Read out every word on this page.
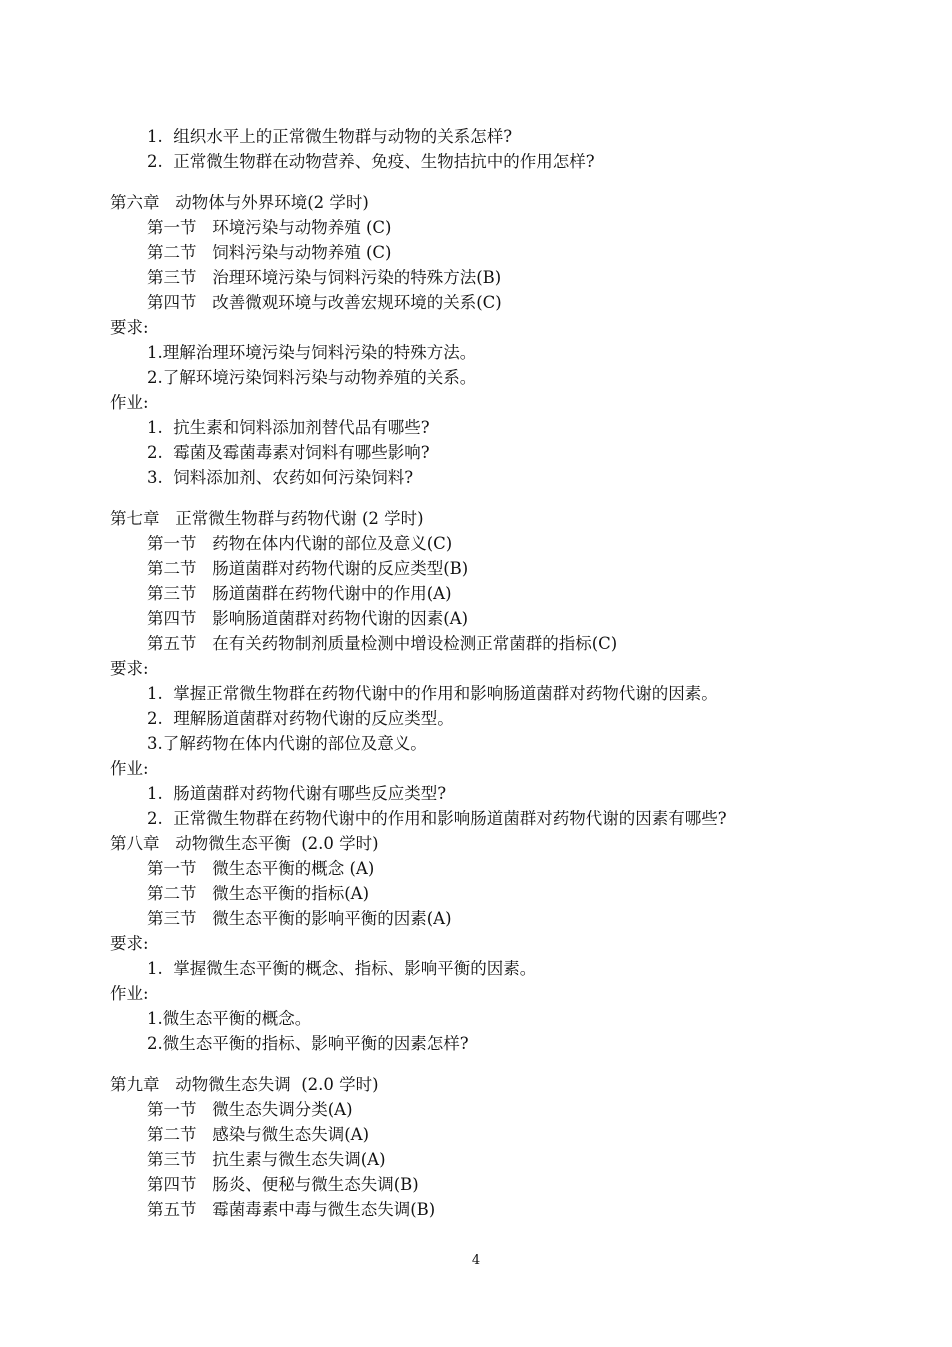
1.  组织水平上的正常微生物群与动物的关系怎样?
2.  正常微生物群在动物营养、免疫、生物拮抗中的作用怎样?
第六章   动物体与外界环境(2 学时)
第一节   环境污染与动物养殖 (C)
第二节   饲料污染与动物养殖 (C)
第三节   治理环境污染与饲料污染的特殊方法(B)
第四节   改善微观环境与改善宏规环境的关系(C)
要求:
1.理解治理环境污染与饲料污染的特殊方法。
2.了解环境污染饲料污染与动物养殖的关系。
作业:
1.  抗生素和饲料添加剂替代品有哪些?
2.  霉菌及霉菌毒素对饲料有哪些影响?
3.  饲料添加剂、农药如何污染饲料?
第七章   正常微生物群与药物代谢 (2 学时)
第一节   药物在体内代谢的部位及意义(C)
第二节   肠道菌群对药物代谢的反应类型(B)
第三节   肠道菌群在药物代谢中的作用(A)
第四节   影响肠道菌群对药物代谢的因素(A)
第五节   在有关药物制剂质量检测中增设检测正常菌群的指标(C)
要求:
1.  掌握正常微生物群在药物代谢中的作用和影响肠道菌群对药物代谢的因素。
2.  理解肠道菌群对药物代谢的反应类型。
3.了解药物在体内代谢的部位及意义。
作业:
1.  肠道菌群对药物代谢有哪些反应类型?
2.  正常微生物群在药物代谢中的作用和影响肠道菌群对药物代谢的因素有哪些?
第八章   动物微生态平衡  (2.0 学时)
第一节   微生态平衡的概念 (A)
第二节   微生态平衡的指标(A)
第三节   微生态平衡的影响平衡的因素(A)
要求:
1.  掌握微生态平衡的概念、指标、影响平衡的因素。
作业:
1.微生态平衡的概念。
2.微生态平衡的指标、影响平衡的因素怎样?
第九章   动物微生态失调  (2.0 学时)
第一节   微生态失调分类(A)
第二节   感染与微生态失调(A)
第三节   抗生素与微生态失调(A)
第四节   肠炎、便秘与微生态失调(B)
第五节   霉菌毒素中毒与微生态失调(B)
4
